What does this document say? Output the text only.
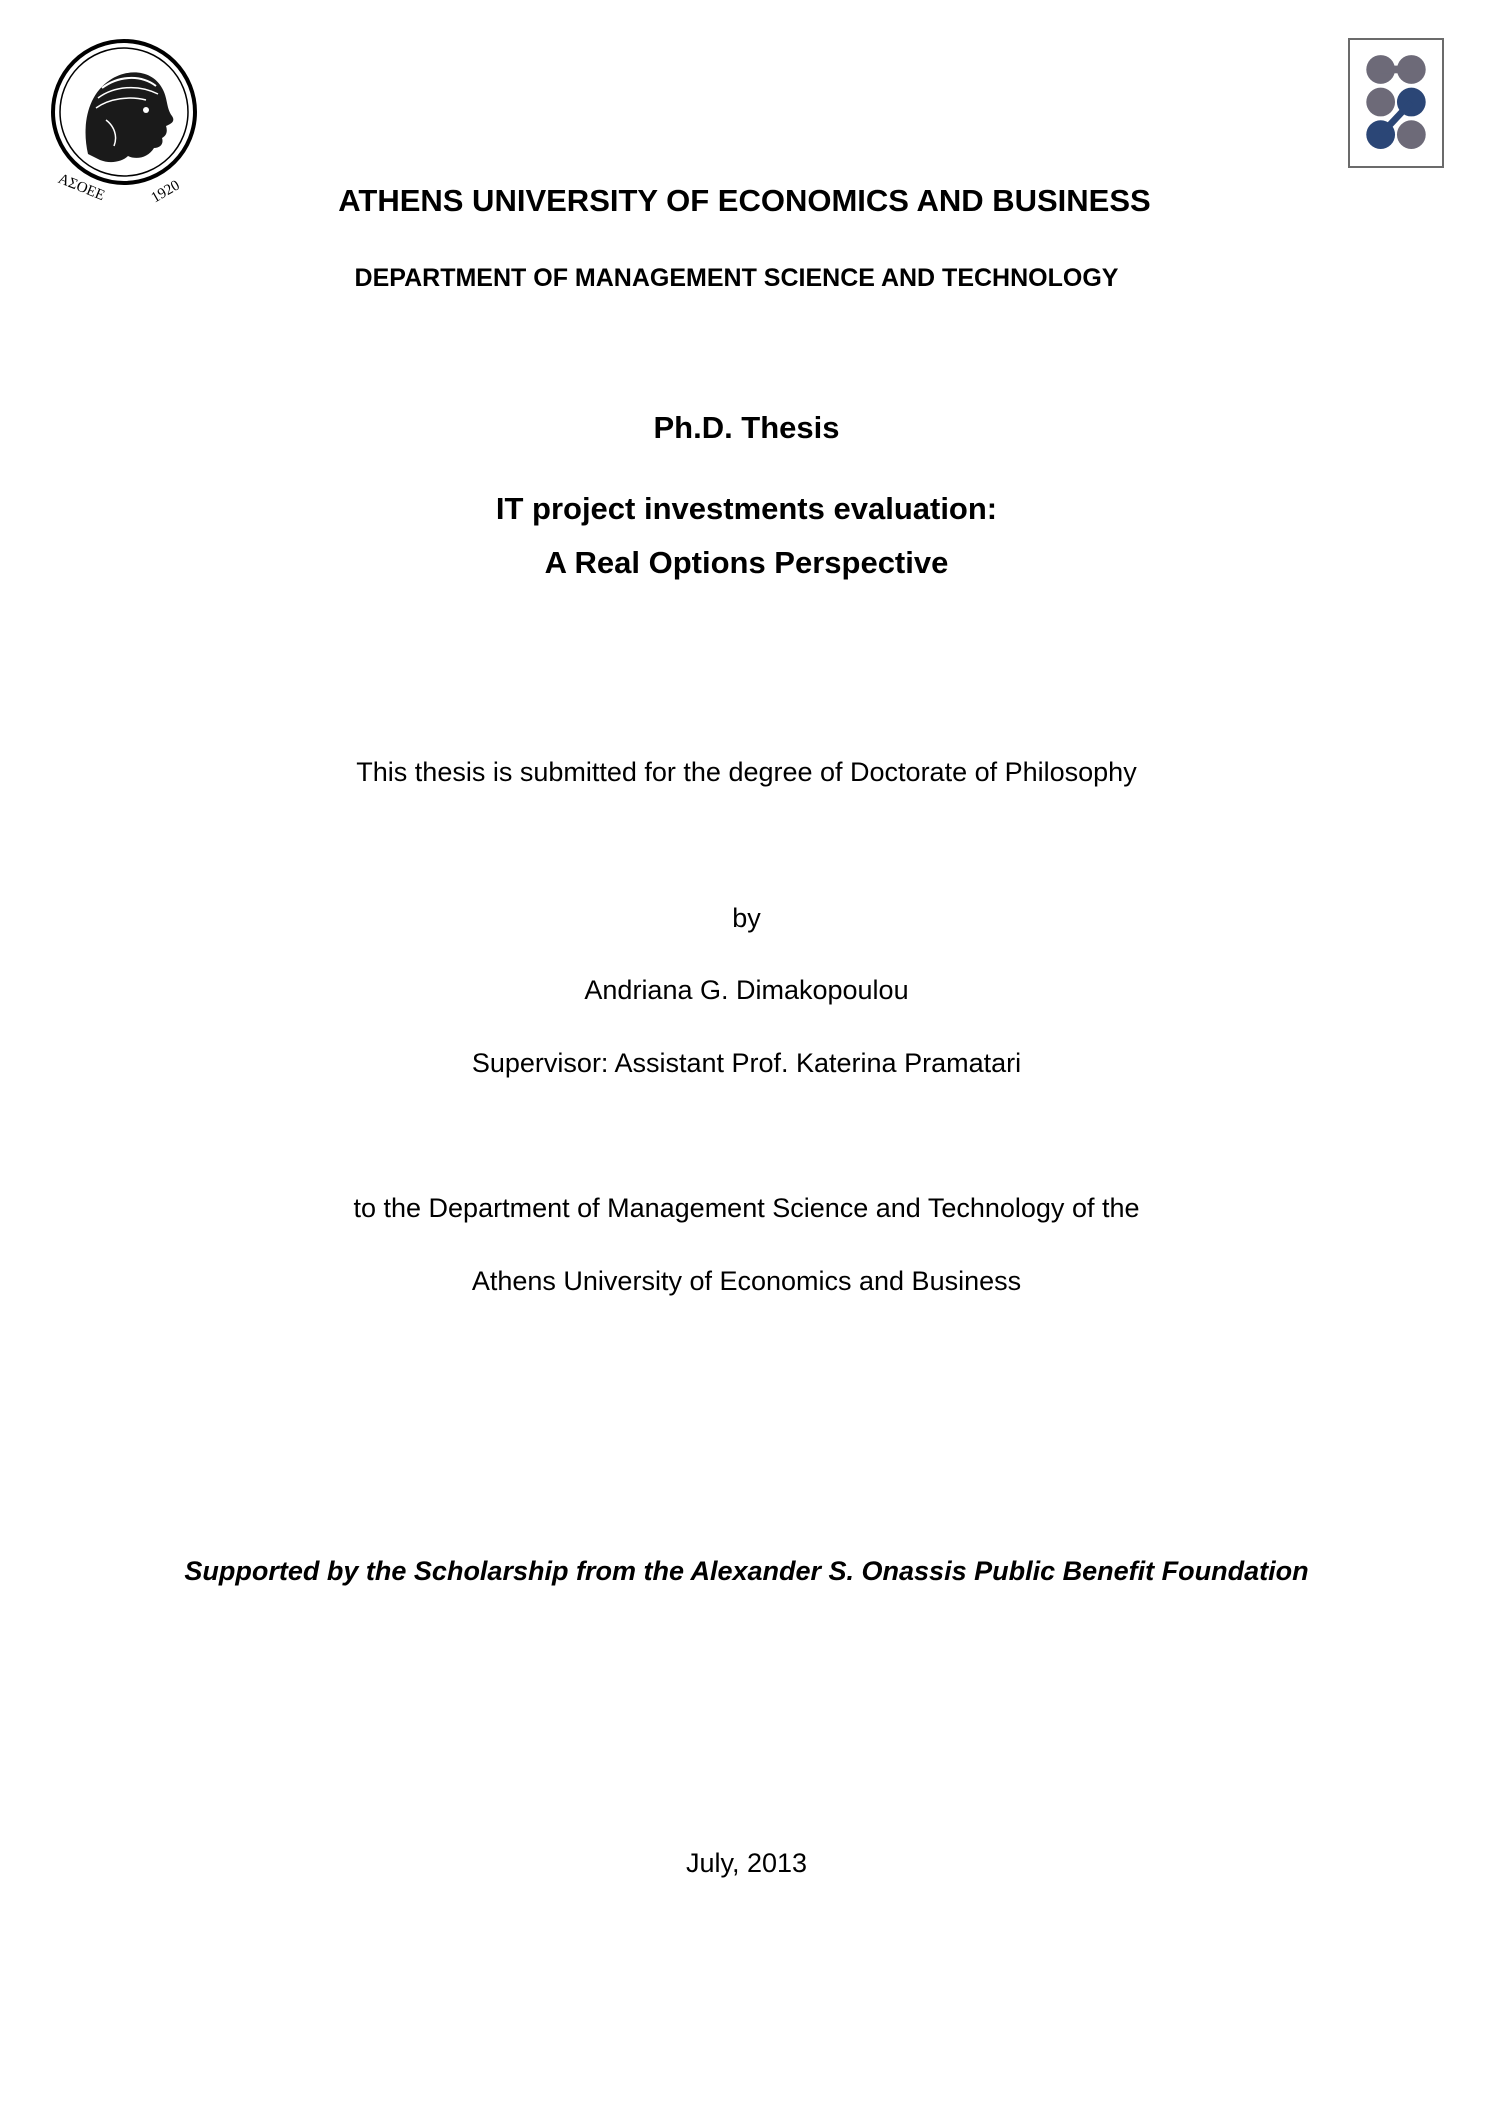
ΑΣΟΕΕ	1920	ATHENS UNIVERSITY OF ECONOMICS AND BUSINESS
DEPARTMENT OF MANAGEMENT SCIENCE AND TECHNOLOGY
Ph.D. Thesis
IT project investments evaluation:
A Real Options Perspective
This thesis is submitted for the degree of Doctorate of Philosophy
by
Andriana G. Dimakopoulou
Supervisor: Assistant Prof. Katerina Pramatari
to the Department of Management Science and Technology of the
Athens University of Economics and Business
Supported by the Scholarship from the Alexander S. Onassis Public Benefit Foundation
July, 2013
